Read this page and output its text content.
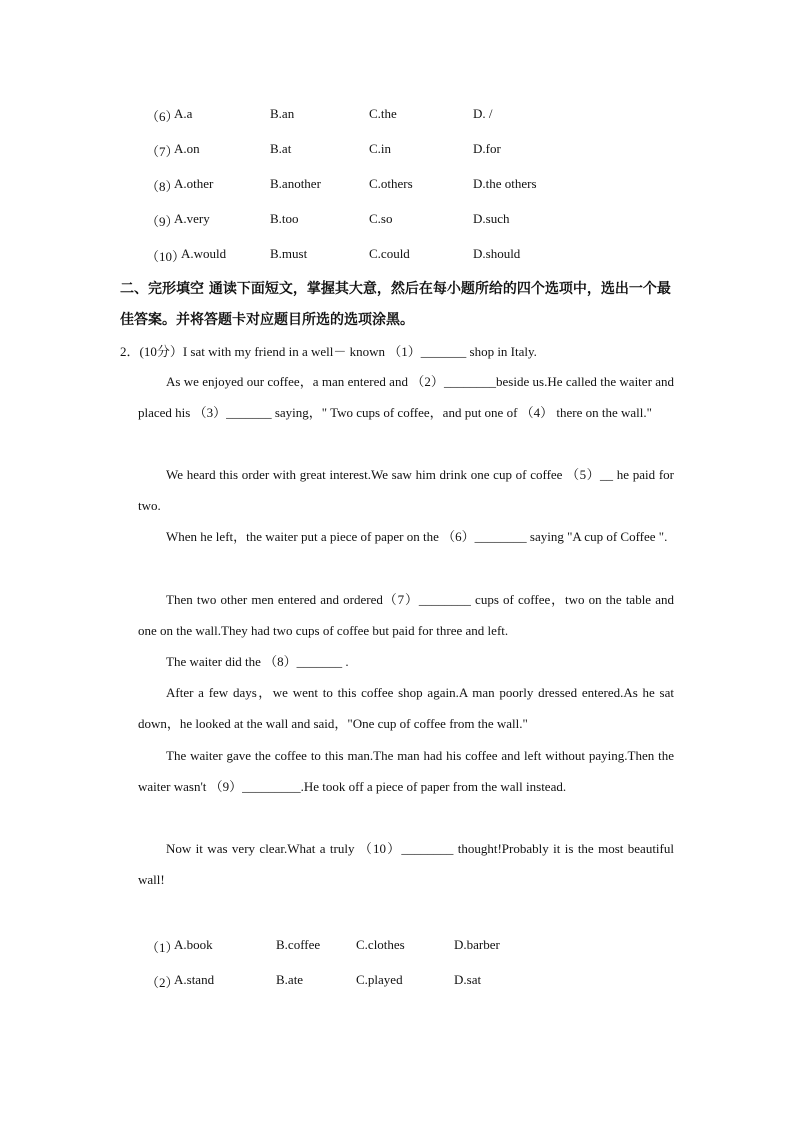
（6）
A.a	B.an	C.the	D. /
（7）
A.on	B.at	C.in	D.for
（8）
A.other	B.another	C.others	D.the others
（9）
A.very	B.too	C.so	D.such
（10）
A.would	B.must	C.could	D.should
二、完形填空 通读下面短文，掌握其大意，然后在每小题所给的四个选项中，选出一个最佳答案。并将答题卡对应题目所选的选项涂黑。
2．(10分）I sat with my friend in a well－ known （1）_______ shop in Italy.
As we enjoyed our coffee，a man entered and （2）________beside us.He called the waiter and placed his （3）_______ saying，" Two cups of coffee，and put one of （4） there on the wall."
We heard this order with great interest.We saw him drink one cup of coffee （5）__ he paid for two.
When he left，the waiter put a piece of paper on the （6）________ saying "A cup of Coffee ".
Then two other men entered and ordered（7）________ cups of coffee，two on the table and one on the wall.They had two cups of coffee but paid for three and left.
The waiter did the （8）_______ .
After a few days，we went to this coffee shop again.A man poorly dressed entered.As he sat down，he looked at the wall and said，"One cup of coffee from the wall."
The waiter gave the coffee to this man.The man had his coffee and left without paying.Then the waiter wasn't （9）_________.He took off a piece of paper from the wall instead.
Now it was very clear.What a truly （10）________ thought!Probably it is the most beautiful wall!
（1）
A.book	B.coffee	C.clothes	D.barber
（2）
A.stand	B.ate	C.played	D.sat
